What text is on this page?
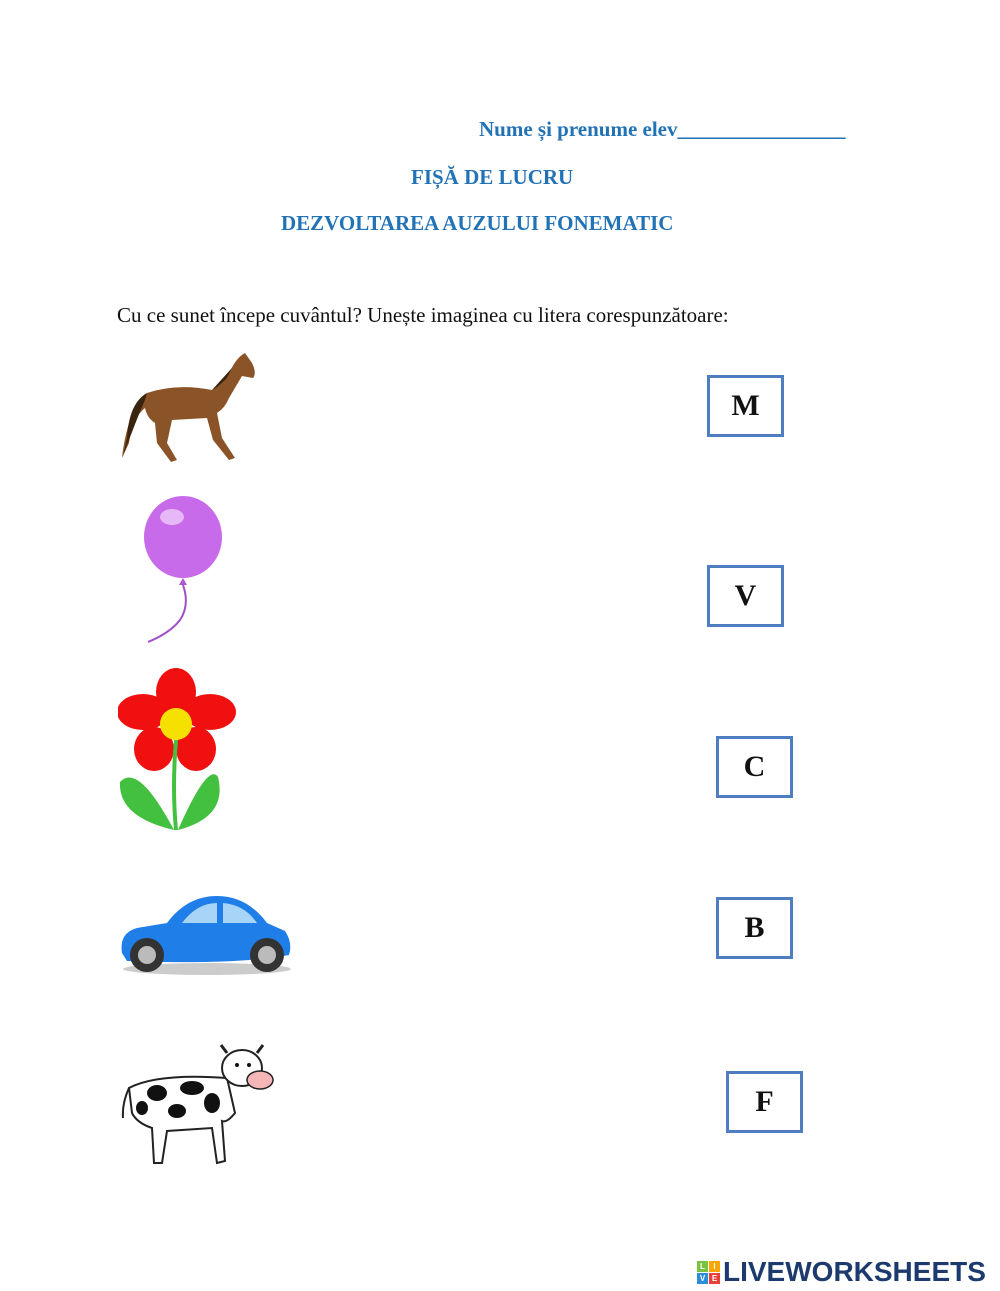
Nume și prenume elev________________
FIȘĂ DE LUCRU
DEZVOLTAREA AUZULUI FONEMATIC
Cu ce sunet începe cuvântul? Unește imaginea cu litera corespunzătoare:
M
V
C
B
F
L	I
V E LIVEWORKSHEETS
